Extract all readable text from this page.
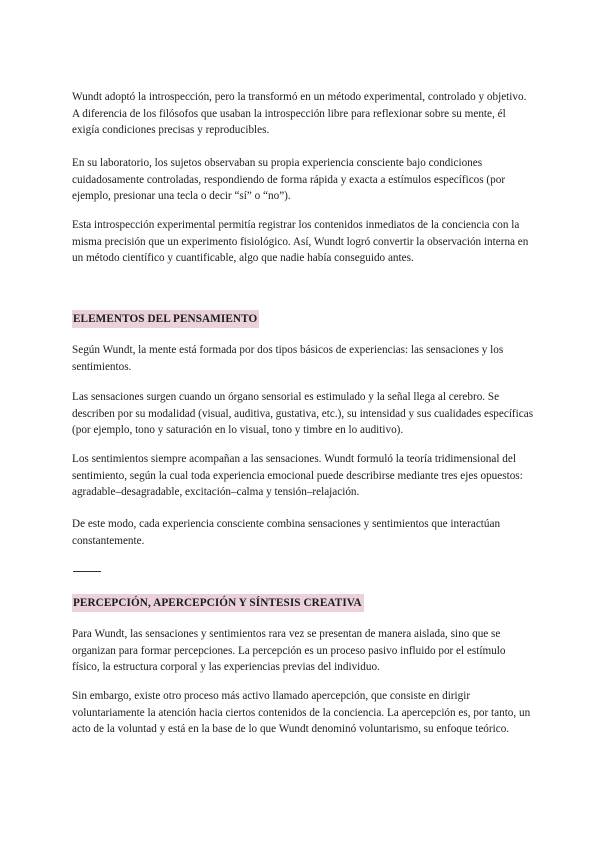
Wundt adoptó la introspección, pero la transformó en un método experimental, controlado y objetivo. A diferencia de los filósofos que usaban la introspección libre para reflexionar sobre su mente, él exigía condiciones precisas y reproducibles.

En su laboratorio, los sujetos observaban su propia experiencia consciente bajo condiciones cuidadosamente controladas, respondiendo de forma rápida y exacta a estímulos específicos (por ejemplo, presionar una tecla o decir “sí” o “no”).

Esta introspección experimental permitía registrar los contenidos inmediatos de la conciencia con la misma precisión que un experimento fisiológico. Así, Wundt logró convertir la observación interna en un método científico y cuantificable, algo que nadie había conseguido antes.

ELEMENTOS DEL PENSAMIENTO

Según Wundt, la mente está formada por dos tipos básicos de experiencias: las sensaciones y los sentimientos.

Las sensaciones surgen cuando un órgano sensorial es estimulado y la señal llega al cerebro. Se describen por su modalidad (visual, auditiva, gustativa, etc.), su intensidad y sus cualidades específicas (por ejemplo, tono y saturación en lo visual, tono y timbre en lo auditivo).

Los sentimientos siempre acompañan a las sensaciones. Wundt formuló la teoría tridimensional del sentimiento, según la cual toda experiencia emocional puede describirse mediante tres ejes opuestos: agradable–desagradable, excitación–calma y tensión–relajación.

De este modo, cada experiencia consciente combina sensaciones y sentimientos que interactúan constantemente.

PERCEPCIÓN, APERCEPCIÓN Y SÍNTESIS CREATIVA

Para Wundt, las sensaciones y sentimientos rara vez se presentan de manera aislada, sino que se organizan para formar percepciones. La percepción es un proceso pasivo influido por el estímulo físico, la estructura corporal y las experiencias previas del individuo.

Sin embargo, existe otro proceso más activo llamado apercepción, que consiste en dirigir voluntariamente la atención hacia ciertos contenidos de la conciencia. La apercepción es, por tanto, un acto de la voluntad y está en la base de lo que Wundt denominó voluntarismo, su enfoque teórico.
